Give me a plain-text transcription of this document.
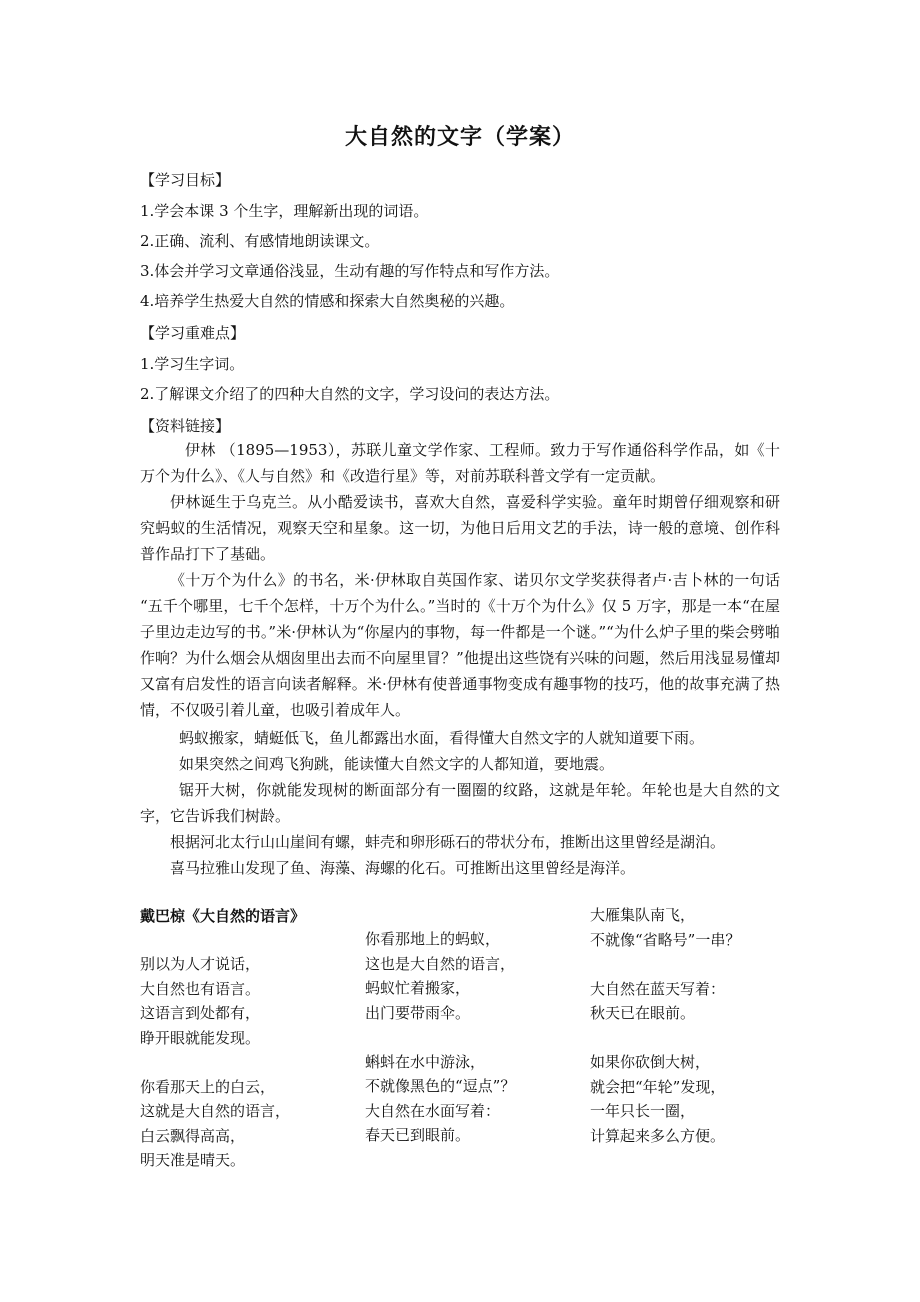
大自然的文字（学案）
【学习目标】
1.学会本课 3 个生字，理解新出现的词语。
2.正确、流利、有感情地朗读课文。
3.体会并学习文章通俗浅显，生动有趣的写作特点和写作方法。
4.培养学生热爱大自然的情感和探索大自然奥秘的兴趣。
【学习重难点】
1.学习生字词。
2.了解课文介绍了的四种大自然的文字，学习设问的表达方法。
【资料链接】

伊林 （1895—1953），苏联儿童文学作家、工程师。致力于写作通俗科学作品，如《十万个为什么》、《人与自然》和《改造行星》等，对前苏联科普文学有一定贡献。

伊林诞生于乌克兰。从小酷爱读书，喜欢大自然，喜爱科学实验。童年时期曾仔细观察和研究蚂蚁的生活情况，观察天空和星象。这一切，为他日后用文艺的手法，诗一般的意境、创作科普作品打下了基础。

《十万个为什么》的书名，米·伊林取自英国作家、诺贝尔文学奖获得者卢·吉卜林的一句话 “五千个哪里，七千个怎样，十万个为什么。”当时的《十万个为什么》仅 5 万字，那是一本“在屋子里边走边写的书。”米·伊林认为“你屋内的事物，每一件都是一个谜。”“为什么炉子里的柴会劈啪作响？为什么烟会从烟囱里出去而不向屋里冒？”他提出这些饶有兴味的问题，然后用浅显易懂却又富有启发性的语言向读者解释。米·伊林有使普通事物变成有趣事物的技巧，他的故事充满了热情，不仅吸引着儿童，也吸引着成年人。

蚂蚁搬家，蜻蜓低飞，鱼儿都露出水面，看得懂大自然文字的人就知道要下雨。

如果突然之间鸡飞狗跳，能读懂大自然文字的人都知道，要地震。

锯开大树，你就能发现树的断面部分有一圈圈的纹路，这就是年轮。年轮也是大自然的文字，它告诉我们树龄。

根据河北太行山山崖间有螺，蚌壳和卵形砾石的带状分布，推断出这里曾经是湖泊。

喜马拉雅山发现了鱼、海藻、海螺的化石。可推断出这里曾经是海洋。

戴巴椋《大自然的语言》
别以为人才说话，
大自然也有语言。
这语言到处都有，
睁开眼就能发现。
你看那天上的白云，
这就是大自然的语言，
白云飘得高高，
明天准是晴天。
你看那地上的蚂蚁，
这也是大自然的语言，
蚂蚁忙着搬家，
出门要带雨伞。
蝌蚪在水中游泳，
不就像黑色的“逗点”？
大自然在水面写着：
春天已到眼前。
大雁集队南飞，
不就像“省略号”一串？
大自然在蓝天写着：
秋天已在眼前。
如果你砍倒大树，
就会把“年轮”发现，
一年只长一圈，
计算起来多么方便。
